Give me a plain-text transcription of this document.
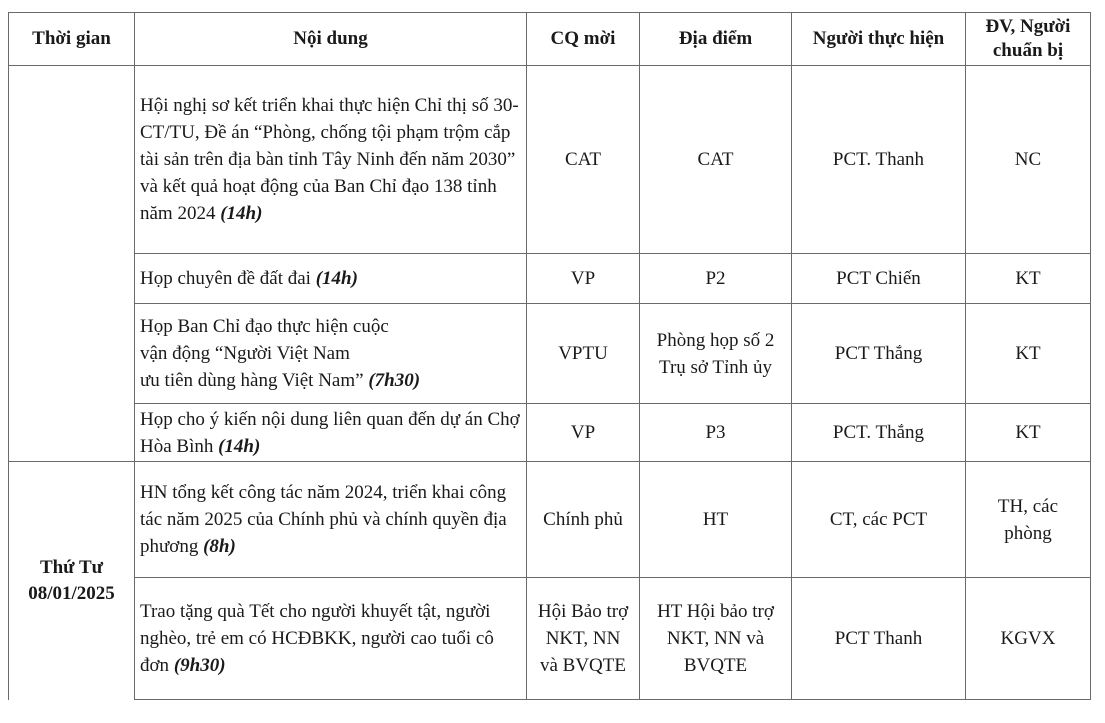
Thời gian	Nội dung	CQ mời	Địa điểm	Người thực hiện	ĐV, Người
chuẩn bị
	Hội nghị sơ kết triển khai thực hiện Chỉ thị số 30-CT/TU, Đề án “Phòng, chống tội phạm trộm cắp tài sản trên địa bàn tỉnh Tây Ninh đến năm 2030” và kết quả hoạt động của Ban Chỉ đạo 138 tỉnh năm 2024 (14h)	CAT	CAT	PCT. Thanh	NC
	Họp chuyên đề đất đai (14h)	VP	P2	PCT Chiến	KT
	Họp Ban Chỉ đạo thực hiện cuộc
vận động “Người Việt Nam
ưu tiên dùng hàng Việt Nam” (7h30)	VPTU	Phòng họp số 2
Trụ sở Tỉnh ủy	PCT Thắng	KT
	Họp cho ý kiến nội dung liên quan đến dự án Chợ Hòa Bình (14h)	VP	P3	PCT. Thắng	KT
Thứ Tư
08/01/2025	HN tổng kết công tác năm 2024, triển khai công tác năm 2025 của Chính phủ và chính quyền địa phương (8h)	Chính phủ	HT	CT, các PCT	TH, các
phòng
	Trao tặng quà Tết cho người khuyết tật, người nghèo, trẻ em có HCĐBKK, người cao tuổi cô đơn (9h30)	Hội Bảo trợ
NKT, NN
và BVQTE	HT Hội bảo trợ
NKT, NN và
BVQTE	PCT Thanh	KGVX
